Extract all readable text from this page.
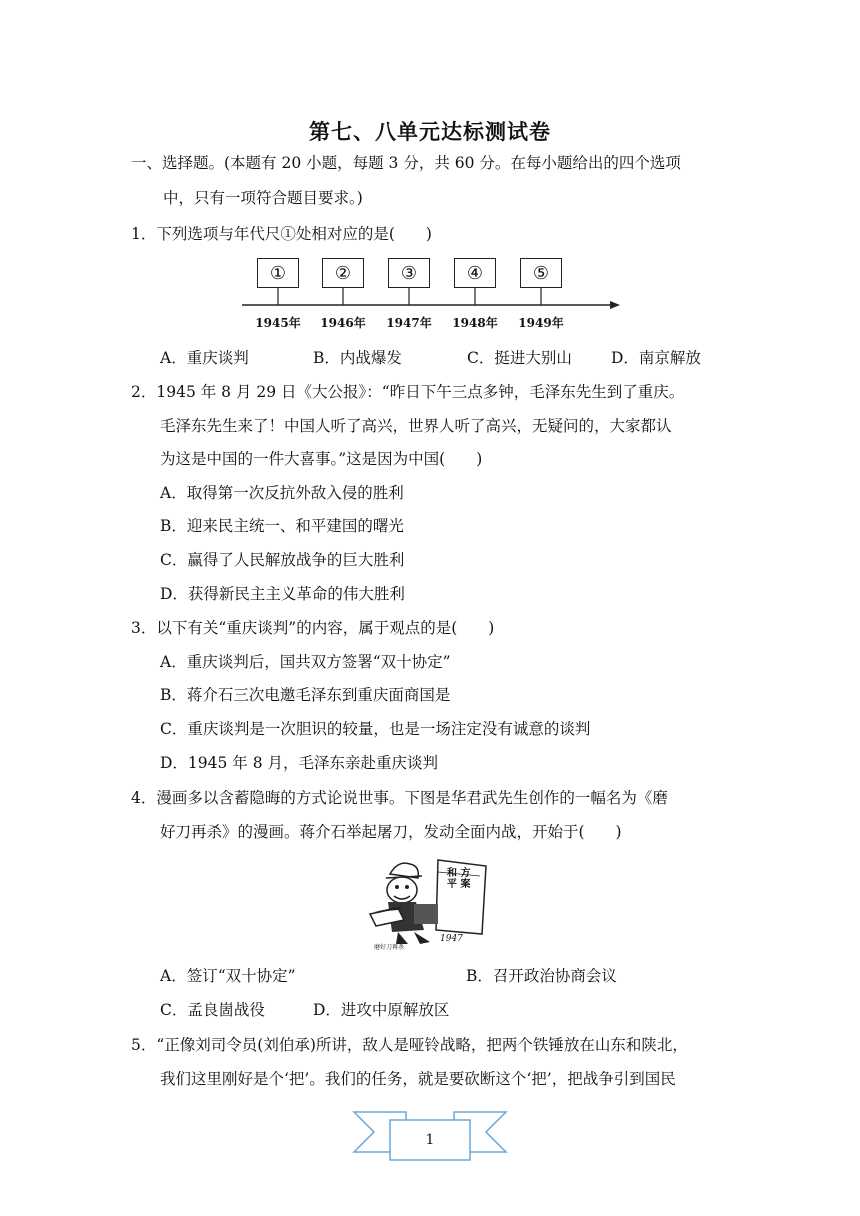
第七、八单元达标测试卷
一、选择题。(本题有 20 小题，每题 3 分，共 60 分。在每小题给出的四个选项
中，只有一项符合题目要求。)
1．下列选项与年代尺①处相对应的是(　　)
①	②	③	④	⑤
1945年	1946年	1947年	1948年	1949年
A．重庆谈判	B．内战爆发	C．挺进大别山	D．南京解放
2．1945 年 8 月 29 日《大公报》：“昨日下午三点多钟，毛泽东先生到了重庆。
毛泽东先生来了！中国人听了高兴，世界人听了高兴，无疑问的，大家都认
为这是中国的一件大喜事。”这是因为中国(　　)
A．取得第一次反抗外敌入侵的胜利
B．迎来民主统一、和平建国的曙光
C．赢得了人民解放战争的巨大胜利
D．获得新民主主义革命的伟大胜利
3．以下有关“重庆谈判”的内容，属于观点的是(　　)
A．重庆谈判后，国共双方签署“双十协定”
B．蒋介石三次电邀毛泽东到重庆面商国是
C．重庆谈判是一次胆识的较量，也是一场注定没有诚意的谈判
D．1945 年 8 月，毛泽东亲赴重庆谈判
4．漫画多以含蓄隐晦的方式论说世事。下图是华君武先生创作的一幅名为《磨
好刀再杀》的漫画。蒋介石举起屠刀，发动全面内战，开始于(　　)
和 方
平 案
1947
磨好刀再杀
A．签订“双十协定”	B．召开政治协商会议
C．孟良崮战役	D．进攻中原解放区
5．“正像刘司令员(刘伯承)所讲，敌人是哑铃战略，把两个铁锤放在山东和陕北，
我们这里刚好是个‘把’。我们的任务，就是要砍断这个‘把’，把战争引到国民
1
